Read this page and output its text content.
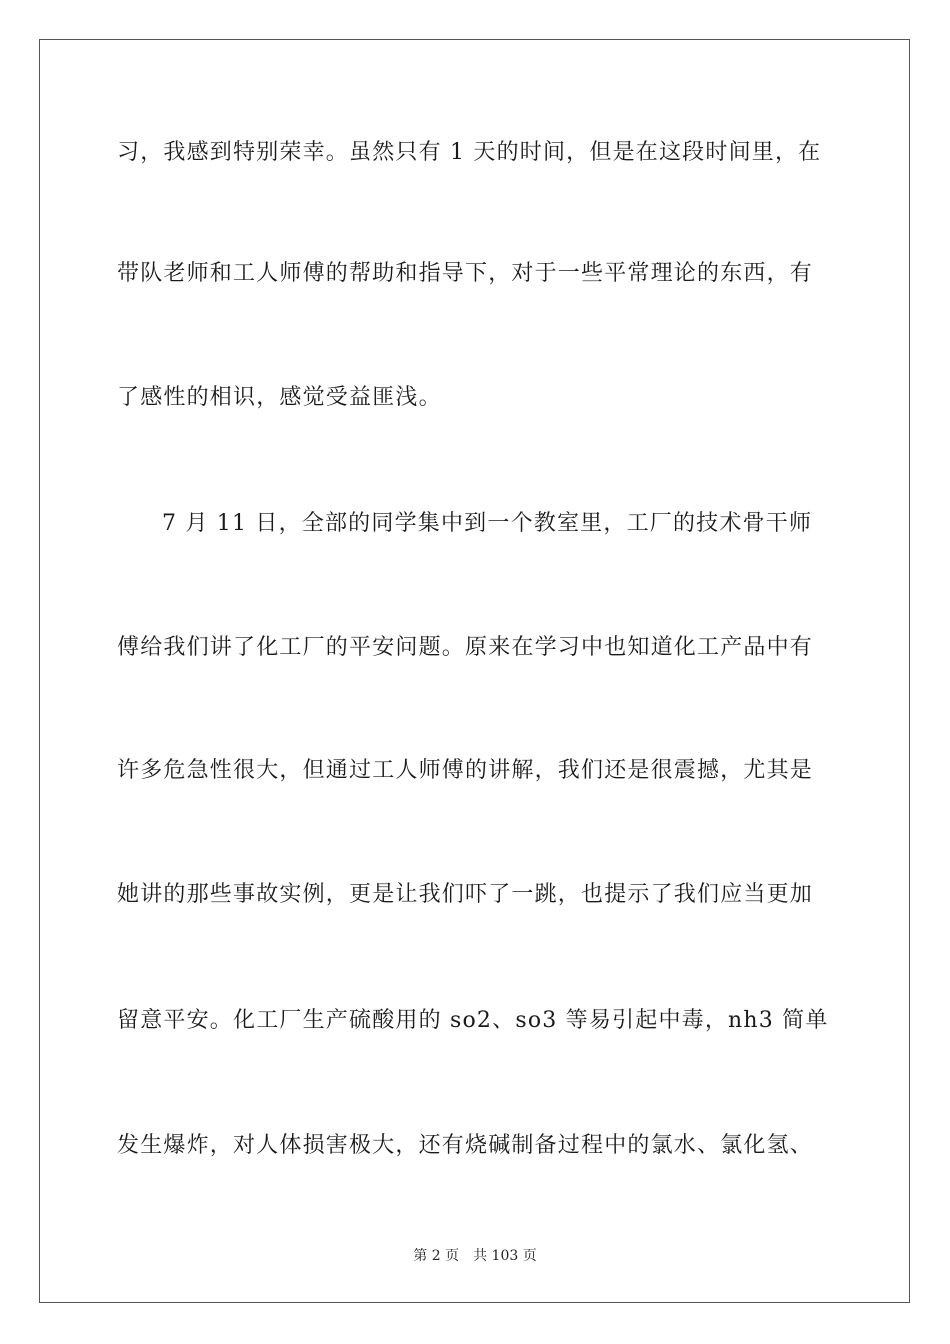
习，我感到特别荣幸。虽然只有 1 天的时间，但是在这段时间里，在
带队老师和工人师傅的帮助和指导下，对于一些平常理论的东西，有
了感性的相识，感觉受益匪浅。
7 月 11 日，全部的同学集中到一个教室里，工厂的技术骨干师
傅给我们讲了化工厂的平安问题。原来在学习中也知道化工产品中有
许多危急性很大，但通过工人师傅的讲解，我们还是很震撼，尤其是
她讲的那些事故实例，更是让我们吓了一跳，也提示了我们应当更加
留意平安。化工厂生产硫酸用的 so2、so3 等易引起中毒，nh3 简单
发生爆炸，对人体损害极大，还有烧碱制备过程中的氯水、氯化氢、
第 2 页 共 103 页
